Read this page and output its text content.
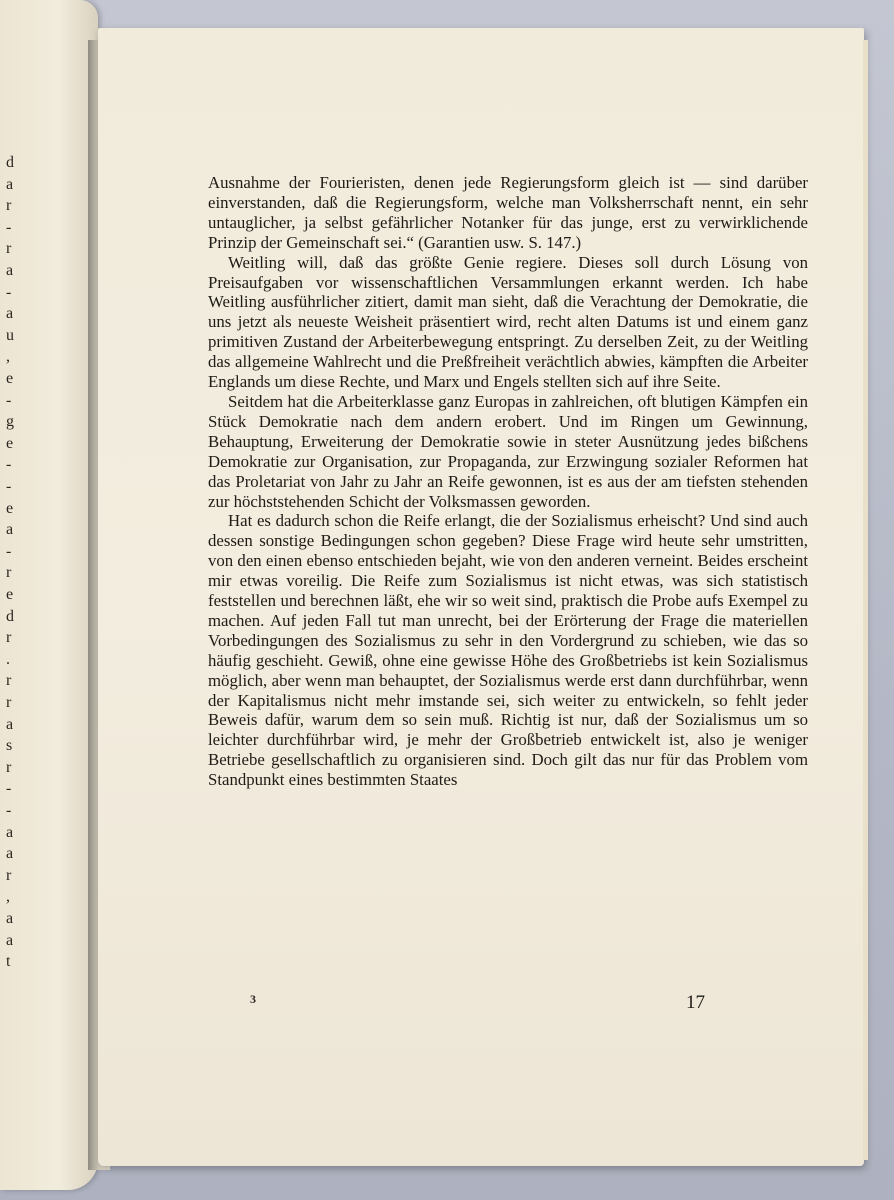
d
a
r
-
r
a
-
a
u
,
e
-
g
e
-
-
e
a
-
r
e
d
r
.
r
r
a
s
r
-
-
a
a
r
,
a
a
t

Ausnahme der Fourieristen, denen jede Regierungsform gleich ist — sind darüber einverstanden, daß die Regierungsform, welche man Volksherrschaft nennt, ein sehr untauglicher, ja selbst gefährlicher Notanker für das junge, erst zu verwirklichende Prinzip der Gemeinschaft sei.“ (Garantien usw. S. 147.)

Weitling will, daß das größte Genie regiere. Dieses soll durch Lösung von Preisaufgaben vor wissenschaftlichen Versammlungen erkannt werden. Ich habe Weitling ausführlicher zitiert, damit man sieht, daß die Verachtung der Demokratie, die uns jetzt als neueste Weisheit präsentiert wird, recht alten Datums ist und einem ganz primitiven Zustand der Arbeiterbewegung entspringt. Zu derselben Zeit, zu der Weitling das allgemeine Wahlrecht und die Preßfreiheit verächtlich abwies, kämpften die Arbeiter Englands um diese Rechte, und Marx und Engels stellten sich auf ihre Seite.

Seitdem hat die Arbeiterklasse ganz Europas in zahlreichen, oft blutigen Kämpfen ein Stück Demokratie nach dem andern erobert. Und im Ringen um Gewinnung, Behauptung, Erweiterung der Demokratie sowie in steter Ausnützung jedes bißchens Demokratie zur Organisation, zur Propaganda, zur Erzwingung sozialer Reformen hat das Proletariat von Jahr zu Jahr an Reife gewonnen, ist es aus der am tiefsten stehenden zur höchststehenden Schicht der Volksmassen geworden.

Hat es dadurch schon die Reife erlangt, die der Sozialismus erheischt? Und sind auch dessen sonstige Bedingungen schon gegeben? Diese Frage wird heute sehr umstritten, von den einen ebenso entschieden bejaht, wie von den anderen verneint. Beides erscheint mir etwas voreilig. Die Reife zum Sozialismus ist nicht etwas, was sich statistisch feststellen und berechnen läßt, ehe wir so weit sind, praktisch die Probe aufs Exempel zu machen. Auf jeden Fall tut man unrecht, bei der Erörterung der Frage die materiellen Vorbedingungen des Sozialismus zu sehr in den Vordergrund zu schieben, wie das so häufig geschieht. Gewiß, ohne eine gewisse Höhe des Großbetriebs ist kein Sozialismus möglich, aber wenn man behauptet, der Sozialismus werde erst dann durchführbar, wenn der Kapitalismus nicht mehr imstande sei, sich weiter zu entwickeln, so fehlt jeder Beweis dafür, warum dem so sein muß. Richtig ist nur, daß der Sozialismus um so leichter durchführbar wird, je mehr der Großbetrieb entwickelt ist, also je weniger Betriebe gesellschaftlich zu organisieren sind. Doch gilt das nur für das Problem vom Standpunkt eines bestimmten Staates

3	17
